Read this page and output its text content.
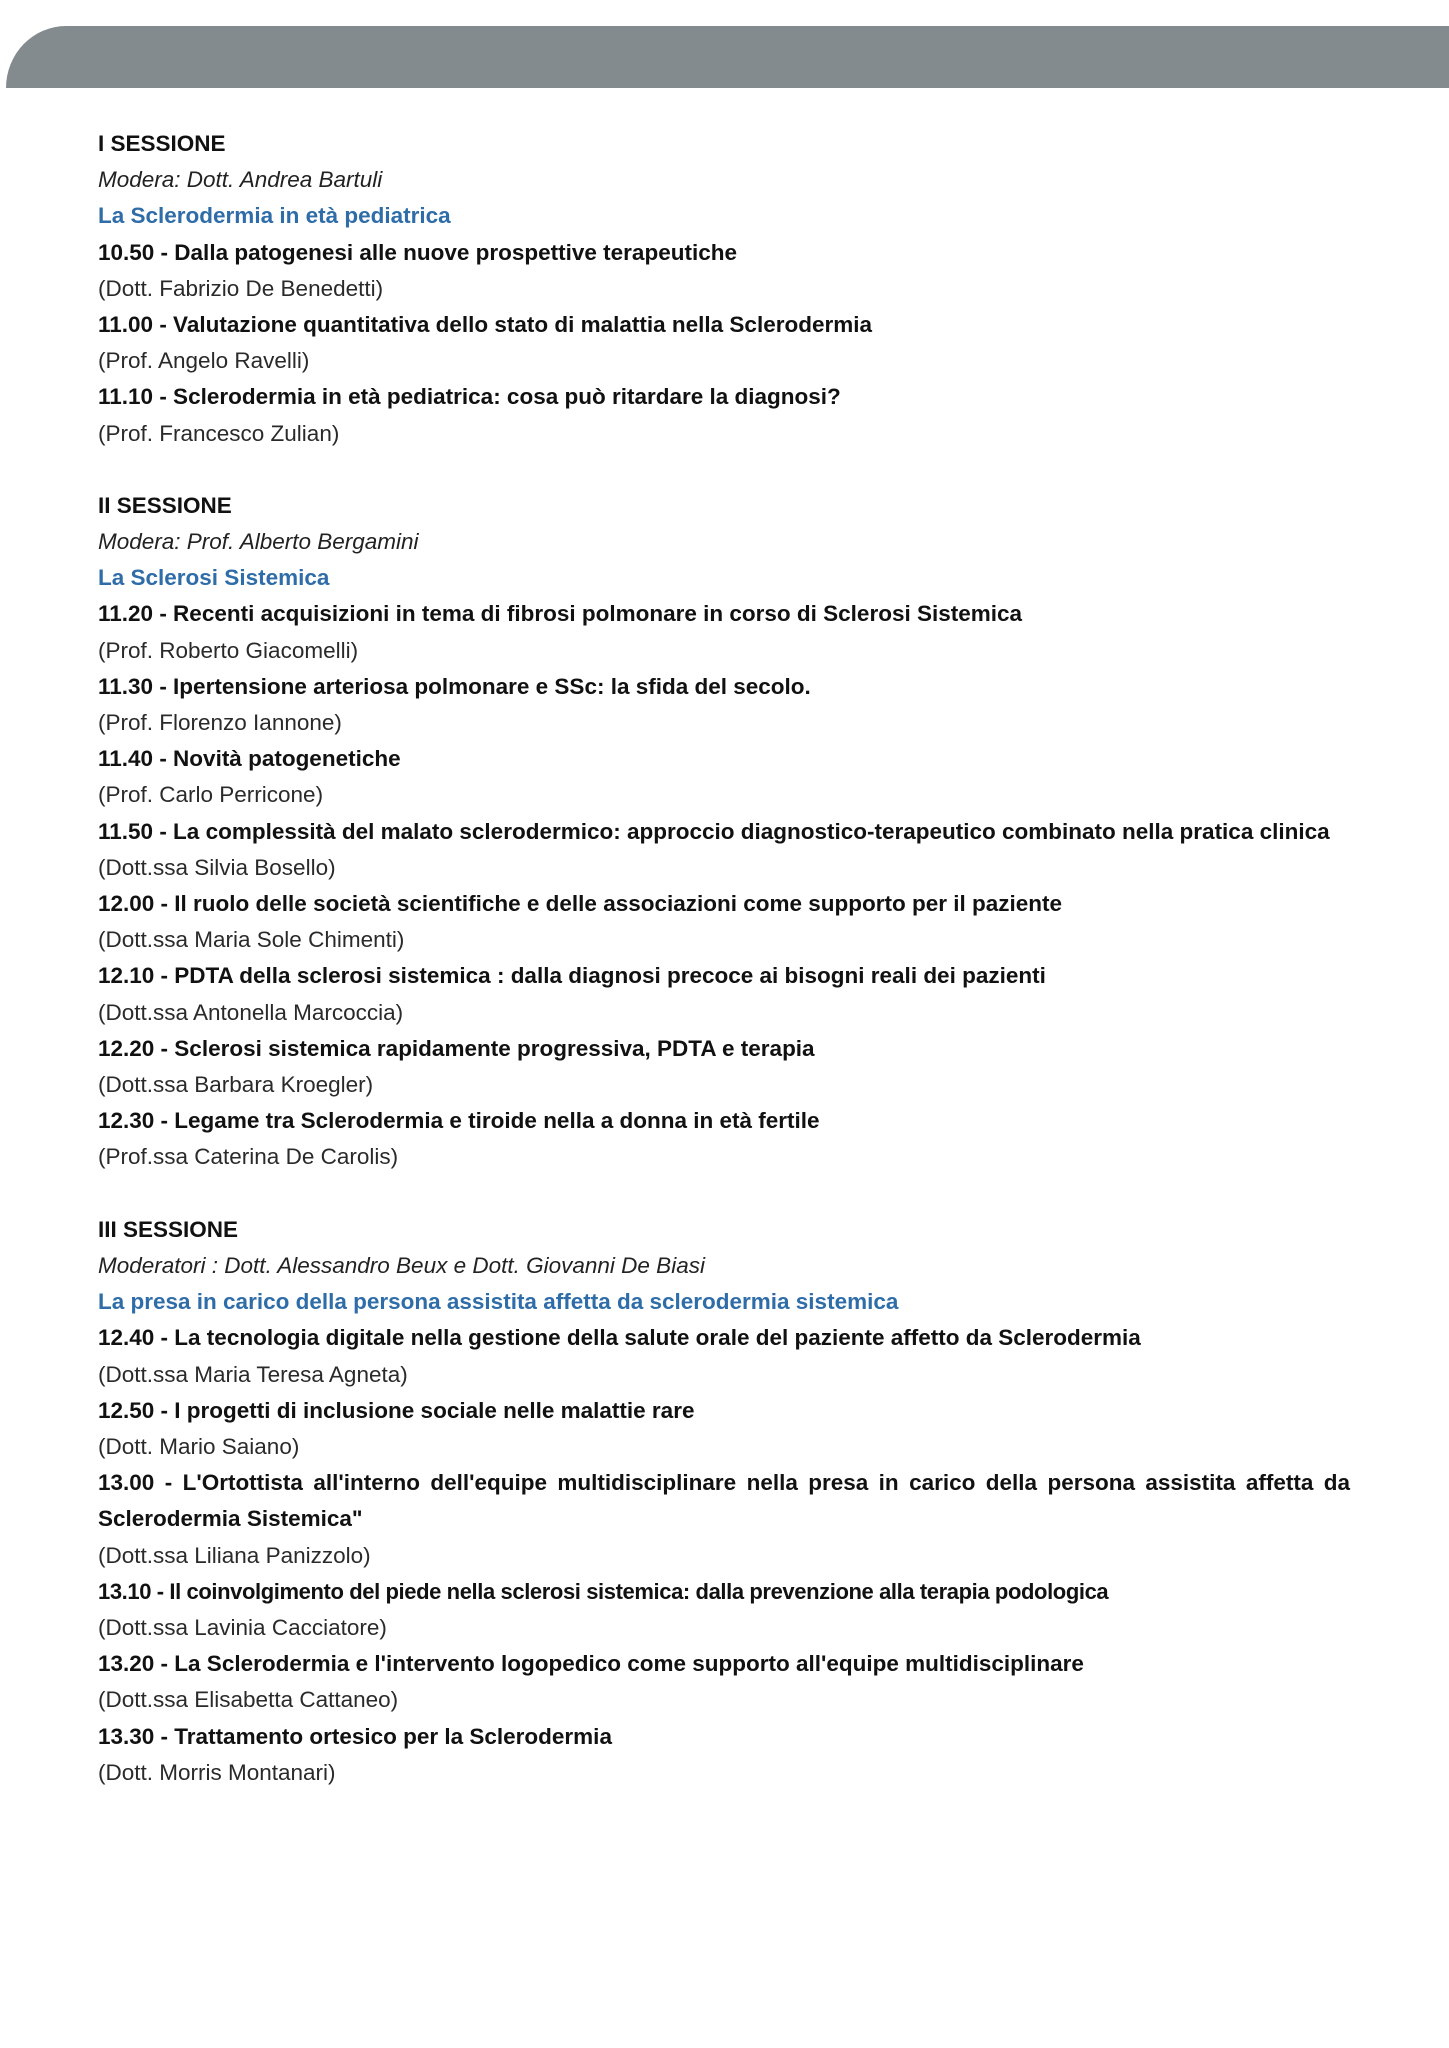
I SESSIONE
Modera: Dott. Andrea Bartuli
La Sclerodermia in età pediatrica
10.50 - Dalla patogenesi alle nuove prospettive terapeutiche
(Dott. Fabrizio De Benedetti)
11.00 - Valutazione quantitativa dello stato di malattia nella Sclerodermia
(Prof. Angelo Ravelli)
11.10 - Sclerodermia in età pediatrica: cosa può ritardare la diagnosi?
(Prof. Francesco Zulian)
II SESSIONE
Modera: Prof. Alberto Bergamini
La Sclerosi Sistemica
11.20 - Recenti acquisizioni in tema di fibrosi polmonare in corso di Sclerosi Sistemica
(Prof. Roberto Giacomelli)
11.30 - Ipertensione arteriosa polmonare e SSc: la sfida del secolo.
(Prof. Florenzo Iannone)
11.40 - Novità patogenetiche
(Prof. Carlo Perricone)
11.50 - La complessità del malato sclerodermico: approccio diagnostico-terapeutico combinato nella pratica clinica
(Dott.ssa Silvia Bosello)
12.00 - Il ruolo delle società scientifiche e delle associazioni come supporto per il paziente
(Dott.ssa Maria Sole Chimenti)
12.10 - PDTA della sclerosi sistemica : dalla diagnosi precoce ai bisogni reali dei pazienti
(Dott.ssa Antonella Marcoccia)
12.20 - Sclerosi sistemica rapidamente progressiva, PDTA e terapia
(Dott.ssa Barbara Kroegler)
12.30 - Legame tra Sclerodermia e tiroide nella a donna in età fertile
(Prof.ssa Caterina De Carolis)
III SESSIONE
Moderatori : Dott. Alessandro Beux e Dott. Giovanni De Biasi
La presa in carico della persona assistita affetta da sclerodermia sistemica
12.40 - La tecnologia digitale nella gestione della salute orale del paziente affetto da Sclerodermia
(Dott.ssa Maria Teresa Agneta)
12.50 - I progetti di inclusione sociale nelle malattie rare
(Dott. Mario Saiano)
13.00 - L'Ortottista all'interno dell'equipe multidisciplinare nella presa in carico della persona assistita affetta da Sclerodermia Sistemica"
(Dott.ssa Liliana Panizzolo)
13.10 - Il coinvolgimento del piede nella sclerosi sistemica: dalla prevenzione alla terapia podologica
(Dott.ssa Lavinia Cacciatore)
13.20 - La Sclerodermia e l'intervento logopedico come supporto all'equipe multidisciplinare
(Dott.ssa Elisabetta Cattaneo)
13.30 - Trattamento ortesico per la Sclerodermia
(Dott. Morris Montanari)
